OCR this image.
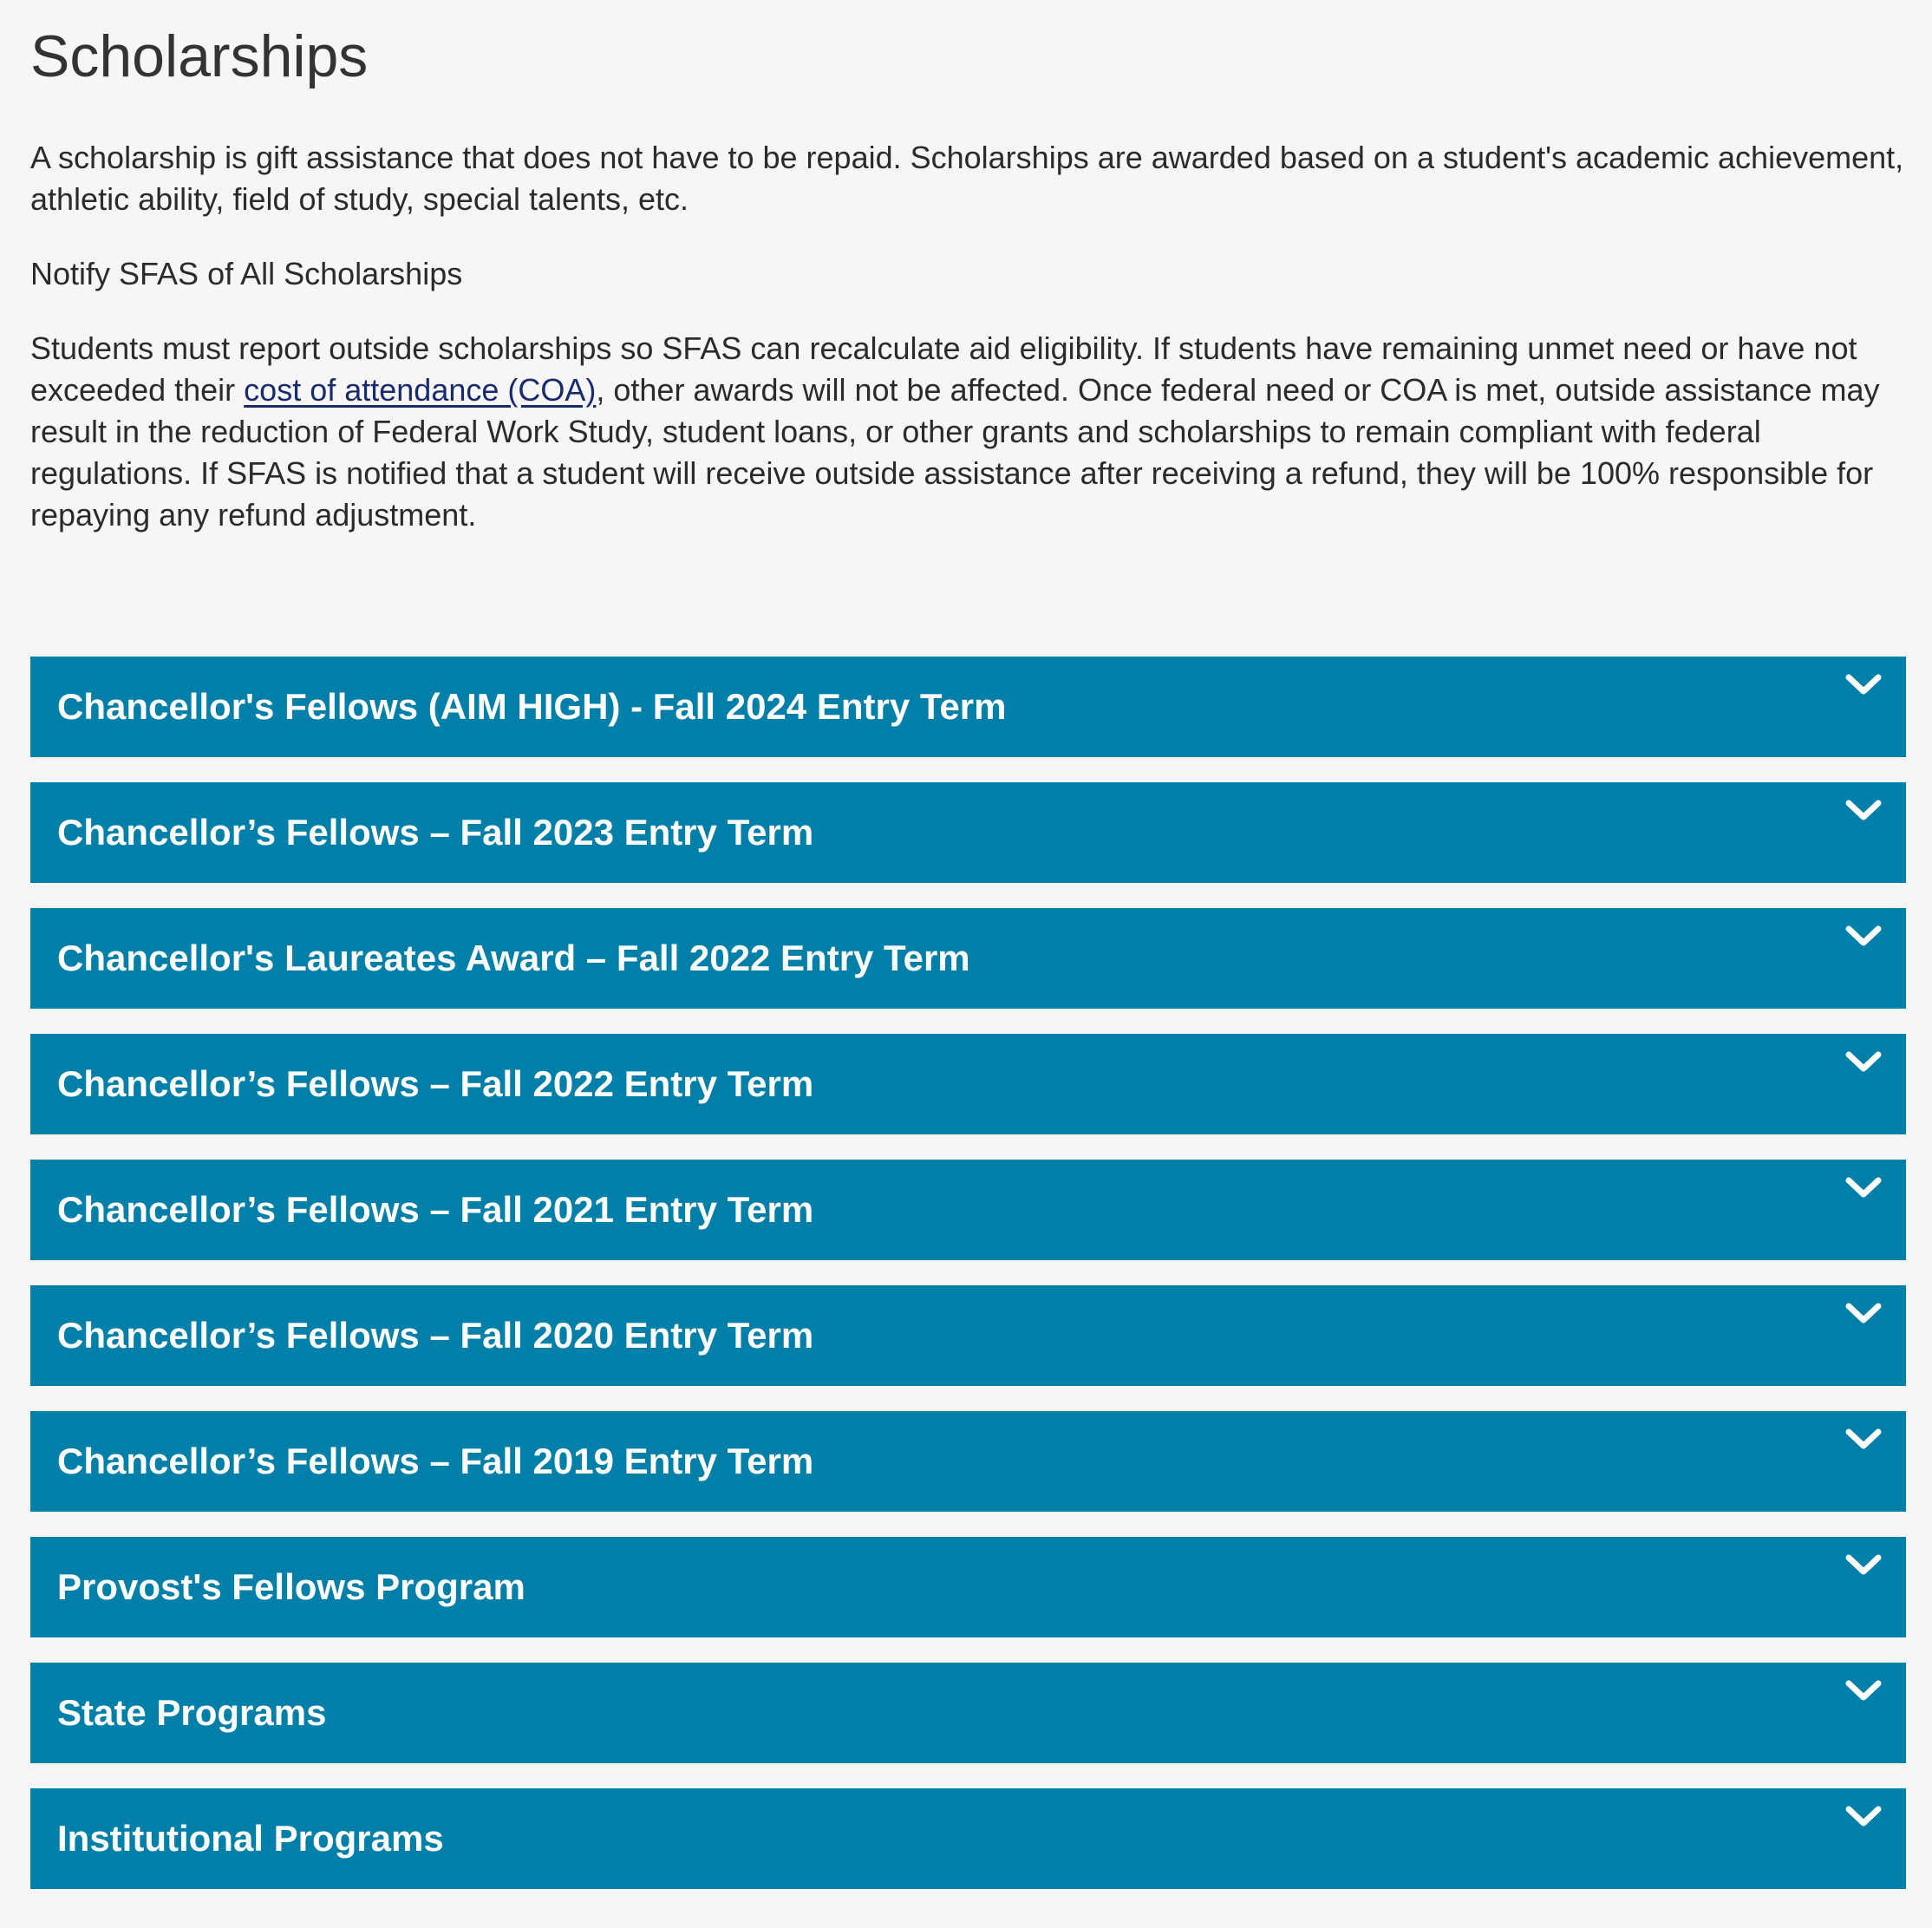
Scholarships

A scholarship is gift assistance that does not have to be repaid. Scholarships are awarded based on a student's academic achievement, athletic ability, field of study, special talents, etc.

Notify SFAS of All Scholarships

Students must report outside scholarships so SFAS can recalculate aid eligibility. If students have remaining unmet need or have not exceeded their cost of attendance (COA), other awards will not be affected. Once federal need or COA is met, outside assistance may result in the reduction of Federal Work Study, student loans, or other grants and scholarships to remain compliant with federal regulations. If SFAS is notified that a student will receive outside assistance after receiving a refund, they will be 100% responsible for repaying any refund adjustment.

Chancellor's Fellows (AIM HIGH) - Fall 2024 Entry Term
Chancellor’s Fellows – Fall 2023 Entry Term
Chancellor's Laureates Award – Fall 2022 Entry Term
Chancellor’s Fellows – Fall 2022 Entry Term
Chancellor’s Fellows – Fall 2021 Entry Term
Chancellor’s Fellows – Fall 2020 Entry Term
Chancellor’s Fellows – Fall 2019 Entry Term
Provost's Fellows Program
State Programs
Institutional Programs
